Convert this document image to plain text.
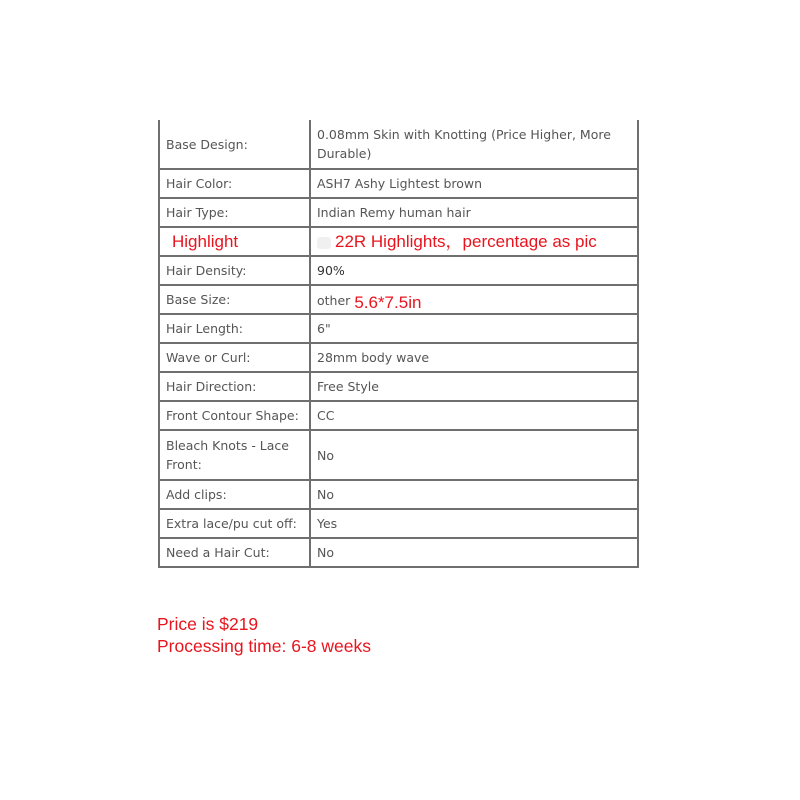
Base Design:	0.08mm Skin with Knotting (Price Higher, More Durable)
Hair Color:	ASH7 Ashy Lightest brown
Hair Type:	Indian Remy human hair
Highlight	22R Highlights，percentage as pic
Hair Density:	90%
Base Size:	other 5.6*7.5in
Hair Length:	6"
Wave or Curl:	28mm body wave
Hair Direction:	Free Style
Front Contour Shape:	CC
Bleach Knots - Lace Front:	No
Add clips:	No
Extra lace/pu cut off:	Yes
Need a Hair Cut:	No
Price is $219
Processing time: 6-8 weeks
